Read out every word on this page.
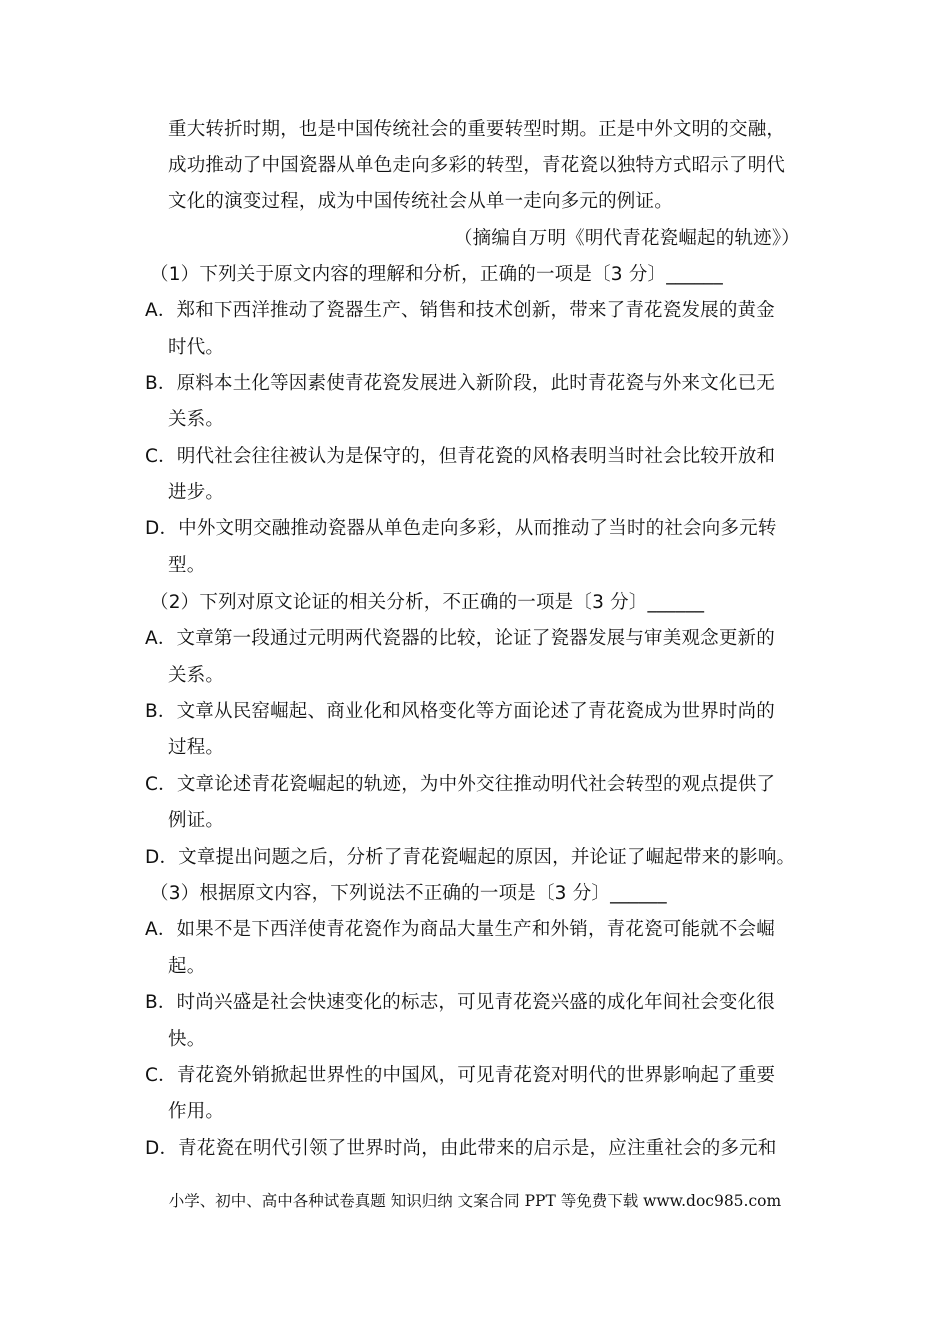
重大转折时期，也是中国传统社会的重要转型时期。正是中外文明的交融，
成功推动了中国瓷器从单色走向多彩的转型，青花瓷以独特方式昭示了明代
文化的演变过程，成为中国传统社会从单一走向多元的例证。
（摘编自万明《明代青花瓷崛起的轨迹》）
（1）下列关于原文内容的理解和分析，正确的一项是〔3 分〕______
A．郑和下西洋推动了瓷器生产、销售和技术创新，带来了青花瓷发展的黄金
时代。
B．原料本土化等因素使青花瓷发展进入新阶段，此时青花瓷与外来文化已无
关系。
C．明代社会往往被认为是保守的，但青花瓷的风格表明当时社会比较开放和
进步。
D．中外文明交融推动瓷器从单色走向多彩，从而推动了当时的社会向多元转
型。
（2）下列对原文论证的相关分析，不正确的一项是〔3 分〕______
A．文章第一段通过元明两代瓷器的比较，论证了瓷器发展与审美观念更新的
关系。
B．文章从民窑崛起、商业化和风格变化等方面论述了青花瓷成为世界时尚的
过程。
C．文章论述青花瓷崛起的轨迹，为中外交往推动明代社会转型的观点提供了
例证。
D．文章提出问题之后，分析了青花瓷崛起的原因，并论证了崛起带来的影响。
（3）根据原文内容，下列说法不正确的一项是〔3 分〕______
A．如果不是下西洋使青花瓷作为商品大量生产和外销，青花瓷可能就不会崛
起。
B．时尚兴盛是社会快速变化的标志，可见青花瓷兴盛的成化年间社会变化很
快。
C．青花瓷外销掀起世界性的中国风，可见青花瓷对明代的世界影响起了重要
作用。
D．青花瓷在明代引领了世界时尚，由此带来的启示是，应注重社会的多元和
小学、初中、高中各种试卷真题 知识归纳 文案合同 PPT 等免费下载 www.doc985.com
